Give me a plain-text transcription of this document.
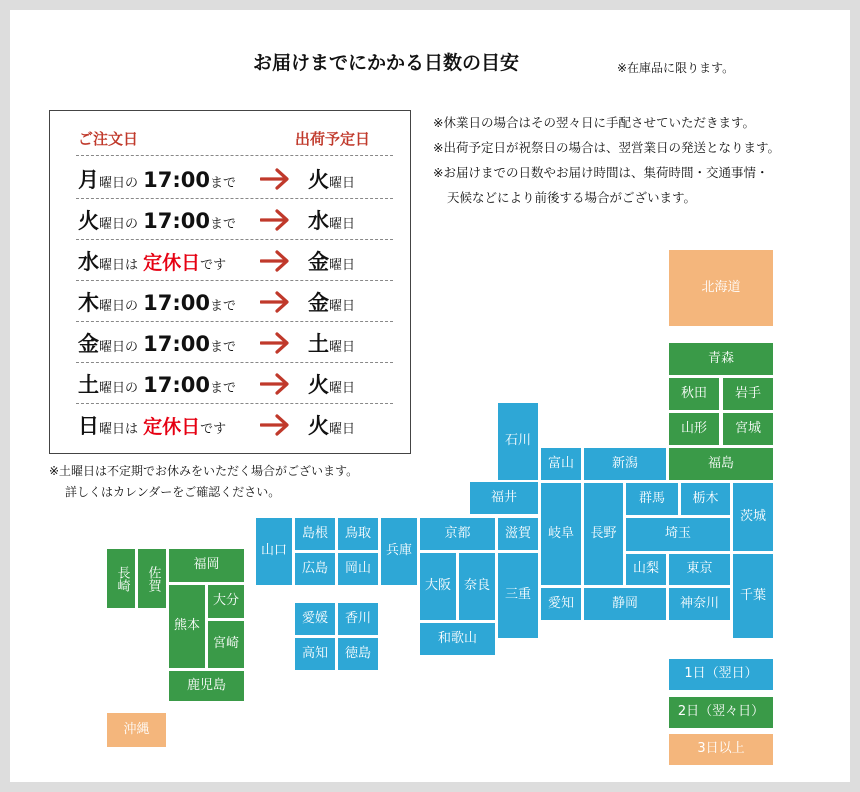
お届けまでにかかる日数の目安	※在庫品に限ります。
ご注文日	出荷予定日
月曜日の 17:00まで	火曜日
火曜日の 17:00まで	水曜日
水曜日は 定休日です	金曜日
木曜日の 17:00まで	金曜日
金曜日の 17:00まで	土曜日
土曜日の 17:00まで	火曜日
日曜日は 定休日です	火曜日
※土曜日は不定期でお休みをいただく場合がございます。
詳しくはカレンダーをご確認ください。
※休業日の場合はその翌々日に手配させていただきます。
※出荷予定日が祝祭日の場合は、翌営業日の発送となります。
※お届けまでの日数やお届け時間は、集荷時間・交通事情・
天候などにより前後する場合がございます。
北海道
青森
秋田	岩手
山形	宮城
福島
新潟
富山
石川
福井	群馬	栃木
茨城
埼玉
長野
岐阜
滋賀
京都
兵庫
鳥取
島根
山口
広島	岡山
大阪 奈良
三重
愛知	静岡
山梨	東京
神奈川
千葉
和歌山
愛媛	香川
高知	徳島
長崎	佐賀
福岡
大分
熊本
宮崎
鹿児島
沖縄
1日（翌日）
2日（翌々日）
3日以上
